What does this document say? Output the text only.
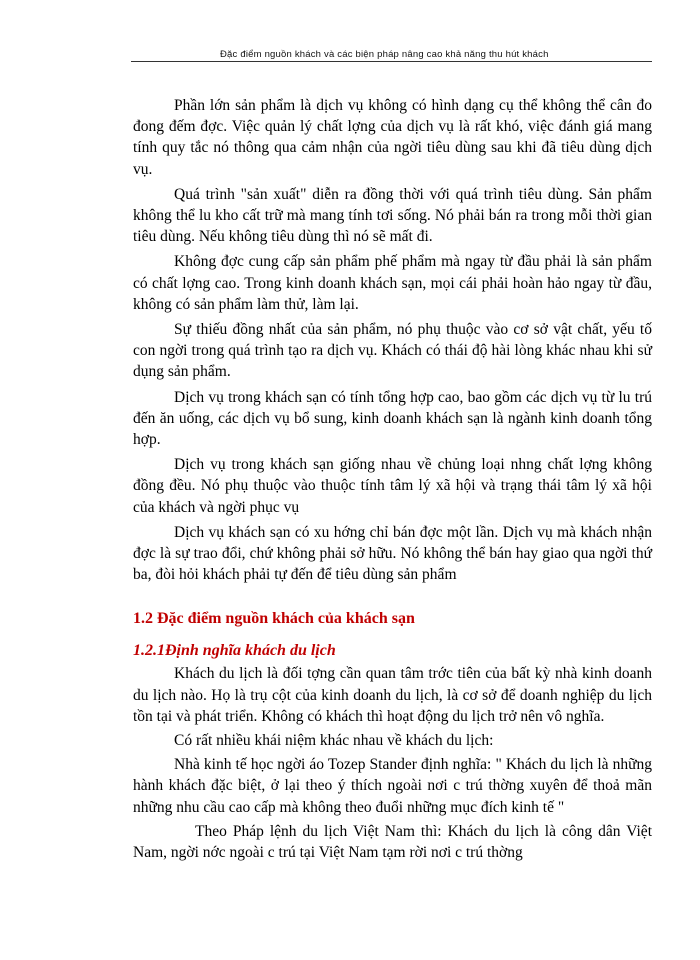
Đặc điểm nguồn khách và các biện pháp nâng cao khả năng thu hút khách

Phần lớn sản phẩm là dịch vụ không có hình dạng cụ thể không thể cân đo đong đếm đợc. Việc quản lý chất lợng của dịch vụ là rất khó, việc đánh giá mang tính quy tắc nó thông qua cảm nhận của ngời tiêu dùng sau khi đã tiêu dùng dịch vụ.

Quá trình "sản xuất" diễn ra đồng thời với quá trình tiêu dùng. Sản phẩm không thể lu kho cất trữ mà mang tính tơi sống. Nó phải bán ra trong mỗi thời gian tiêu dùng. Nếu không tiêu dùng thì nó sẽ mất đi.

Không đợc cung cấp sản phẩm phế phẩm mà ngay từ đầu phải là sản phẩm có chất lợng cao. Trong kinh doanh khách sạn, mọi cái phải hoàn hảo ngay từ đầu, không có sản phẩm làm thử, làm lại.

Sự thiếu đồng nhất của sản phẩm, nó phụ thuộc vào cơ sở vật chất, yếu tố con ngời trong quá trình tạo ra dịch vụ. Khách có thái độ hài lòng khác nhau khi sử dụng sản phẩm.

Dịch vụ trong khách sạn có tính tổng hợp cao, bao gồm các dịch vụ từ lu trú đến ăn uống, các dịch vụ bổ sung, kinh doanh khách sạn là ngành kinh doanh tổng hợp.

Dịch vụ trong khách sạn giống nhau về chủng loại nhng chất lợng không đồng đều. Nó phụ thuộc vào thuộc tính tâm lý xã hội và trạng thái tâm lý xã hội của khách và ngời phục vụ

Dịch vụ khách sạn có xu hớng chỉ bán đợc một lần. Dịch vụ mà khách nhận đợc là sự trao đổi, chứ không phải sở hữu. Nó không thể bán hay giao qua ngời thứ ba, đòi hỏi khách phải tự đến để tiêu dùng sản phẩm

1.2 Đặc điểm nguồn khách của khách sạn
1.2.1Định nghĩa khách du lịch

Khách du lịch là đối tợng cần quan tâm trớc tiên của bất kỳ nhà kinh doanh du lịch nào. Họ là trụ cột của kinh doanh du lịch, là cơ sở để doanh nghiệp du lịch tồn tại và phát triển. Không có khách thì hoạt động du lịch trở nên vô nghĩa.

Có rất nhiều khái niệm khác nhau về khách du lịch:

Nhà kinh tế học ngời áo Tozep Stander định nghĩa: " Khách du lịch là những hành khách đặc biệt, ở lại theo ý thích ngoài nơi c trú thờng xuyên để thoả mãn những nhu cầu cao cấp mà không theo đuổi những mục đích kinh tế "

Theo Pháp lệnh du lịch Việt Nam thì: Khách du lịch là công dân Việt Nam, ngời nớc ngoài c trú tại Việt Nam tạm rời nơi c trú thờng
